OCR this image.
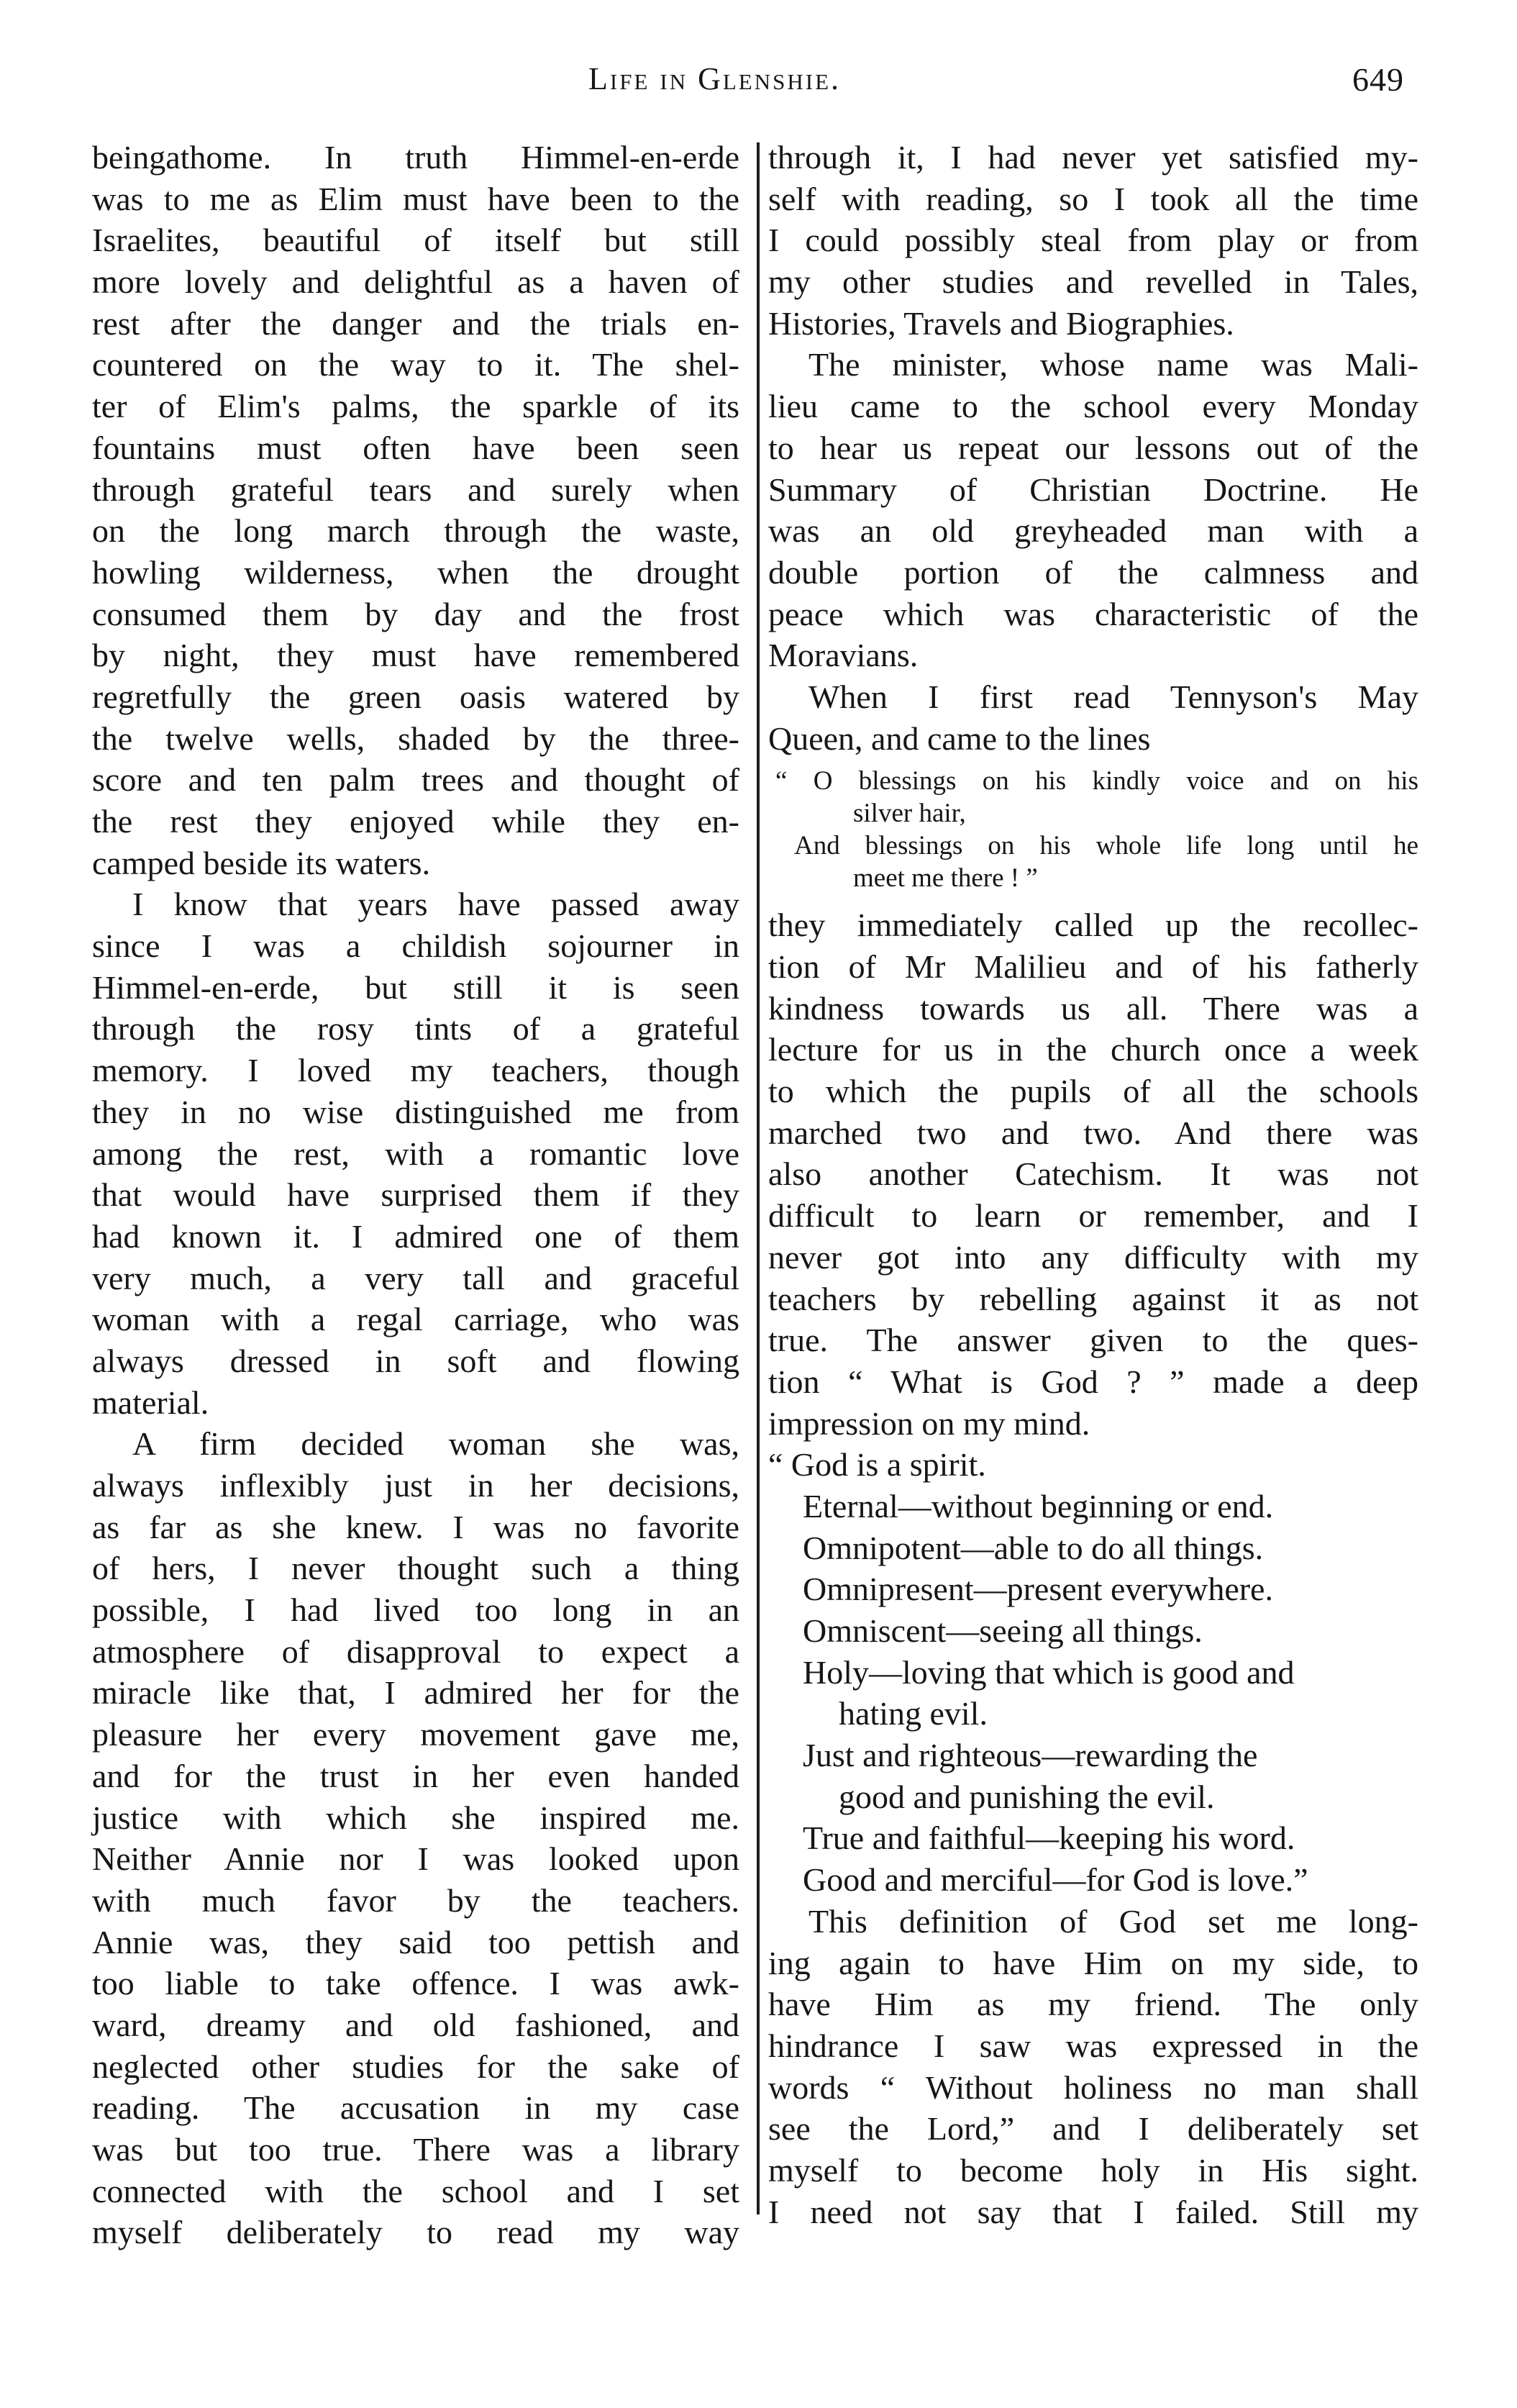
Life in Glenshie.	649
beingathome. In truth Himmel-en-erde
was to me as Elim must have been to the
Israelites, beautiful of itself but still
more lovely and delightful as a haven of
rest after the danger and the trials en-
countered on the way to it. The shel-
ter of Elim's palms, the sparkle of its
fountains must often have been seen
through grateful tears and surely when
on the long march through the waste,
howling wilderness, when the drought
consumed them by day and the frost
by night, they must have remembered
regretfully the green oasis watered by
the twelve wells, shaded by the three-
score and ten palm trees and thought of
the rest they enjoyed while they en-
camped beside its waters.
I know that years have passed away
since I was a childish sojourner in
Himmel-en-erde, but still it is seen
through the rosy tints of a grateful
memory. I loved my teachers, though
they in no wise distinguished me from
among the rest, with a romantic love
that would have surprised them if they
had known it. I admired one of them
very much, a very tall and graceful
woman with a regal carriage, who was
always dressed in soft and flowing
material.
A firm decided woman she was,
always inflexibly just in her decisions,
as far as she knew. I was no favorite
of hers, I never thought such a thing
possible, I had lived too long in an
atmosphere of disapproval to expect a
miracle like that, I admired her for the
pleasure her every movement gave me,
and for the trust in her even handed
justice with which she inspired me.
Neither Annie nor I was looked upon
with much favor by the teachers.
Annie was, they said too pettish and
too liable to take offence. I was awk-
ward, dreamy and old fashioned, and
neglected other studies for the sake of
reading. The accusation in my case
was but too true. There was a library
connected with the school and I set
myself deliberately to read my way
through it, I had never yet satisfied my-
self with reading, so I took all the time
I could possibly steal from play or from
my other studies and revelled in Tales,
Histories, Travels and Biographies.
The minister, whose name was Mali-
lieu came to the school every Monday
to hear us repeat our lessons out of the
Summary of Christian Doctrine. He
was an old greyheaded man with a
double portion of the calmness and
peace which was characteristic of the
Moravians.
When I first read Tennyson's May
Queen, and came to the lines
“ O blessings on his kindly voice and on his
silver hair,
And blessings on his whole life long until he
meet me there ! ”
they immediately called up the recollec-
tion of Mr Malilieu and of his fatherly
kindness towards us all. There was a
lecture for us in the church once a week
to which the pupils of all the schools
marched two and two. And there was
also another Catechism. It was not
difficult to learn or remember, and I
never got into any difficulty with my
teachers by rebelling against it as not
true. The answer given to the ques-
tion “ What is God ? ” made a deep
impression on my mind.
“ God is a spirit.
Eternal—without beginning or end.
Omnipotent—able to do all things.
Omnipresent—present everywhere.
Omniscent—seeing all things.
Holy—loving that which is good and
hating evil.
Just and righteous—rewarding the
good and punishing the evil.
True and faithful—keeping his word.
Good and merciful—for God is love.”
This definition of God set me long-
ing again to have Him on my side, to
have Him as my friend. The only
hindrance I saw was expressed in the
words “ Without holiness no man shall
see the Lord,” and I deliberately set
myself to become holy in His sight.
I need not say that I failed. Still my
